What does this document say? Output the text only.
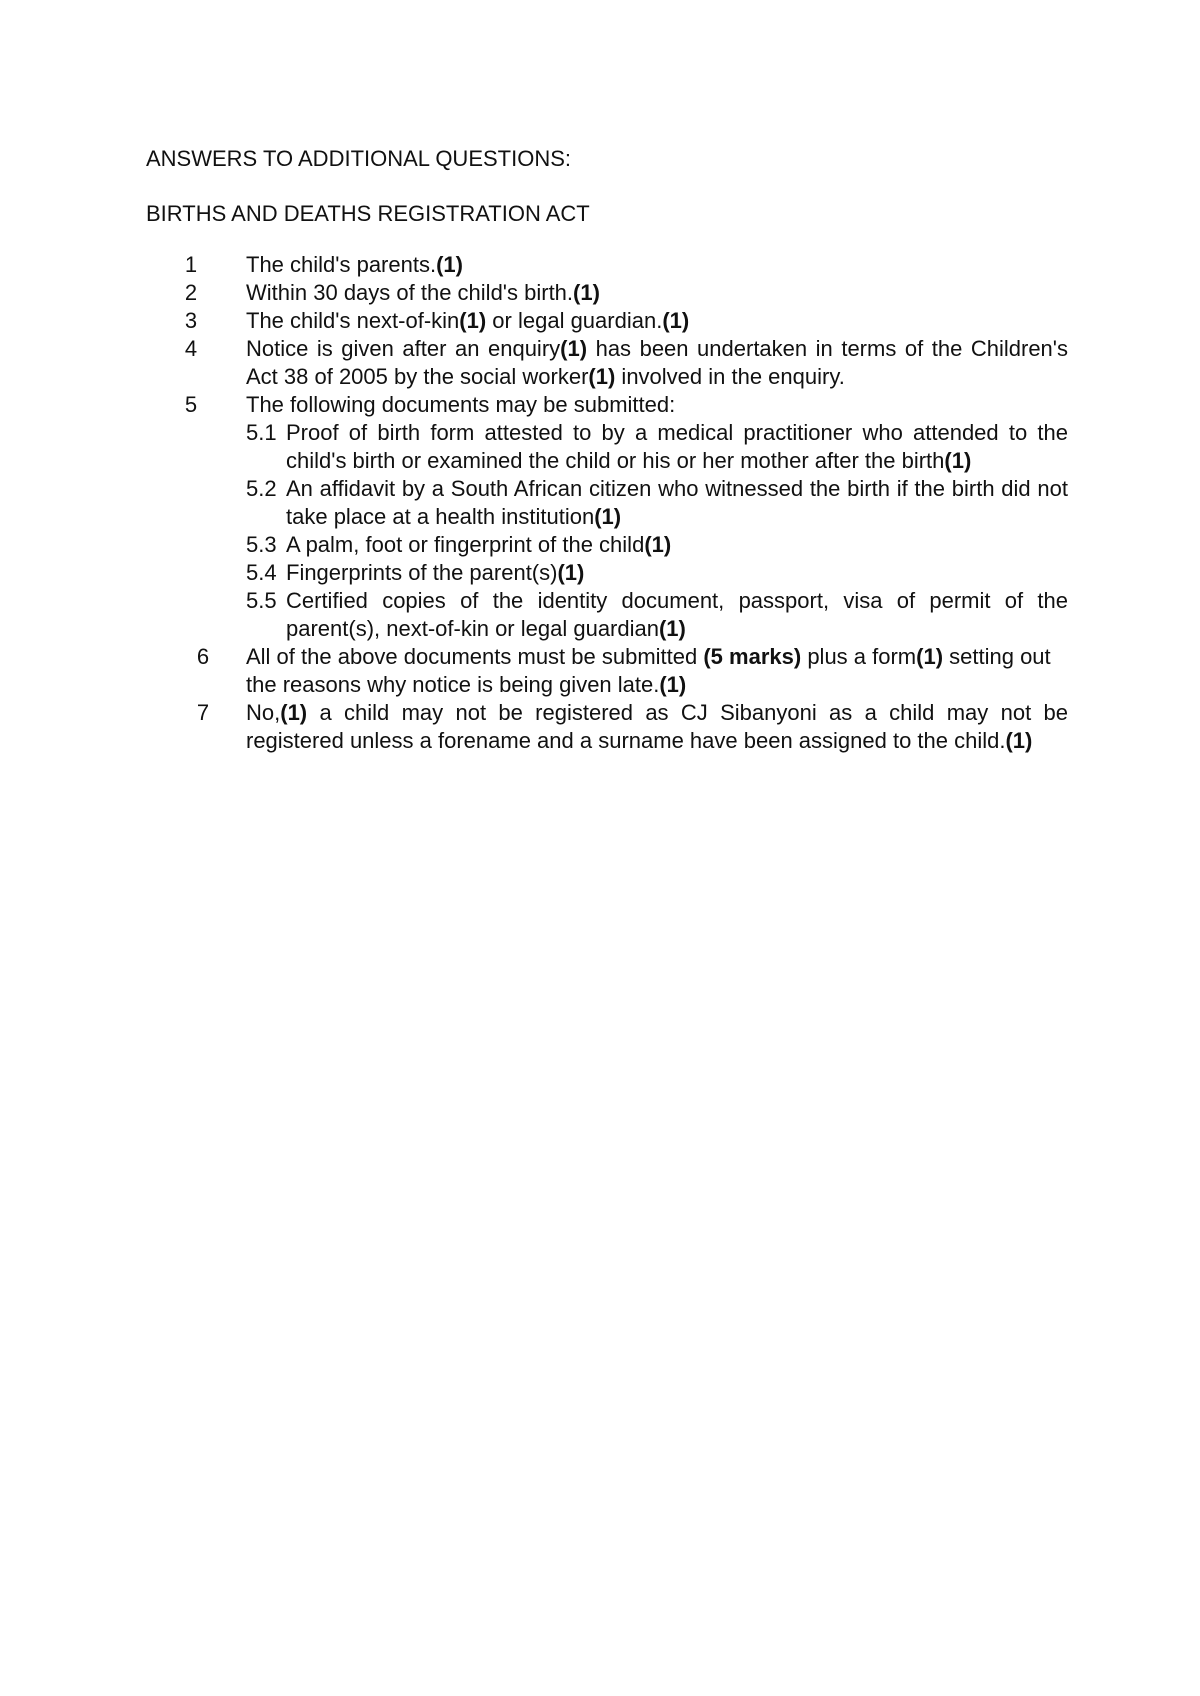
ANSWERS TO ADDITIONAL QUESTIONS:
BIRTHS AND DEATHS REGISTRATION ACT
1	The child's parents.(1)
2	Within 30 days of the child's birth.(1)
3	The child's next-of-kin(1) or legal guardian.(1)
4	Notice is given after an enquiry(1) has been undertaken in terms of the Children's Act 38 of 2005 by the social worker(1) involved in the enquiry.
5	The following documents may be submitted:
5.1 Proof of birth form attested to by a medical practitioner who attended to the child's birth or examined the child or his or her mother after the birth(1)
5.2 An affidavit by a South African citizen who witnessed the birth if the birth did not take place at a health institution(1)
5.3 A palm, foot or fingerprint of the child(1)
5.4 Fingerprints of the parent(s)(1)
5.5 Certified copies of the identity document, passport, visa of permit of the parent(s), next-of-kin or legal guardian(1)
6	All of the above documents must be submitted (5 marks) plus a form(1) setting out the reasons why notice is being given late.(1)
7	No,(1) a child may not be registered as CJ Sibanyoni as a child may not be registered unless a forename and a surname have been assigned to the child.(1)
